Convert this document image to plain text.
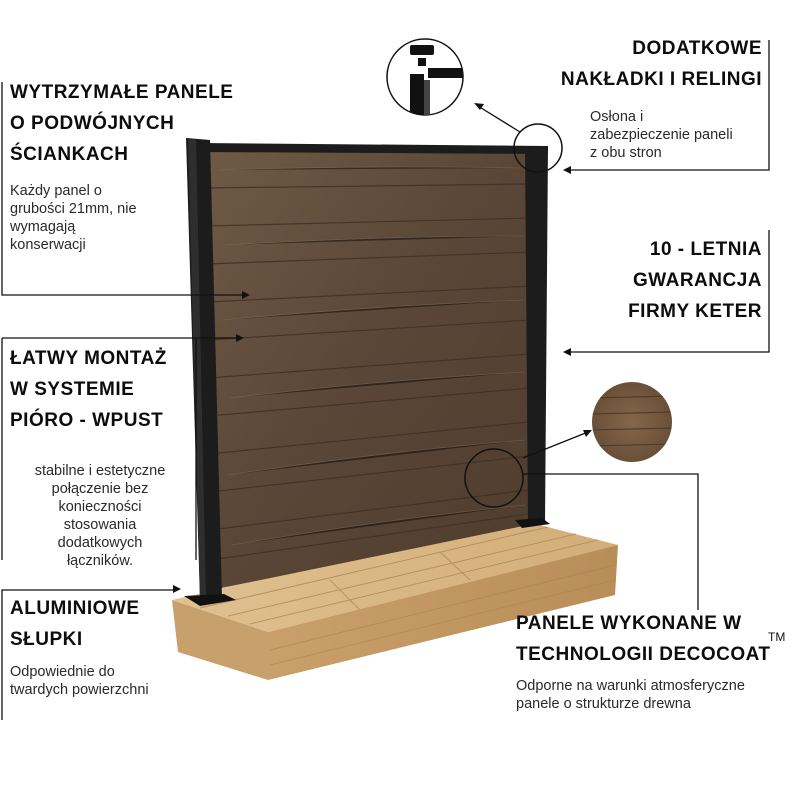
WYTRZYMAŁE PANELE
O PODWÓJNYCH
ŚCIANKACH
Każdy panel o
grubości 21mm, nie
wymagają
konserwacji
ŁATWY MONTAŻ
W SYSTEMIE
PIÓRO - WPUST
stabilne i estetyczne
połączenie bez
konieczności
stosowania
dodatkowych
łączników.
ALUMINIOWE
SŁUPKI
Odpowiednie do
twardych powierzchni
DODATKOWE
NAKŁADKI I RELINGI
Osłona i
zabezpieczenie paneli
z obu stron
10 - LETNIA
GWARANCJA
FIRMY KETER
PANELE WYKONANE W
TECHNOLOGII DECOCOAT
TM
Odporne na warunki atmosferyczne
panele o strukturze drewna
